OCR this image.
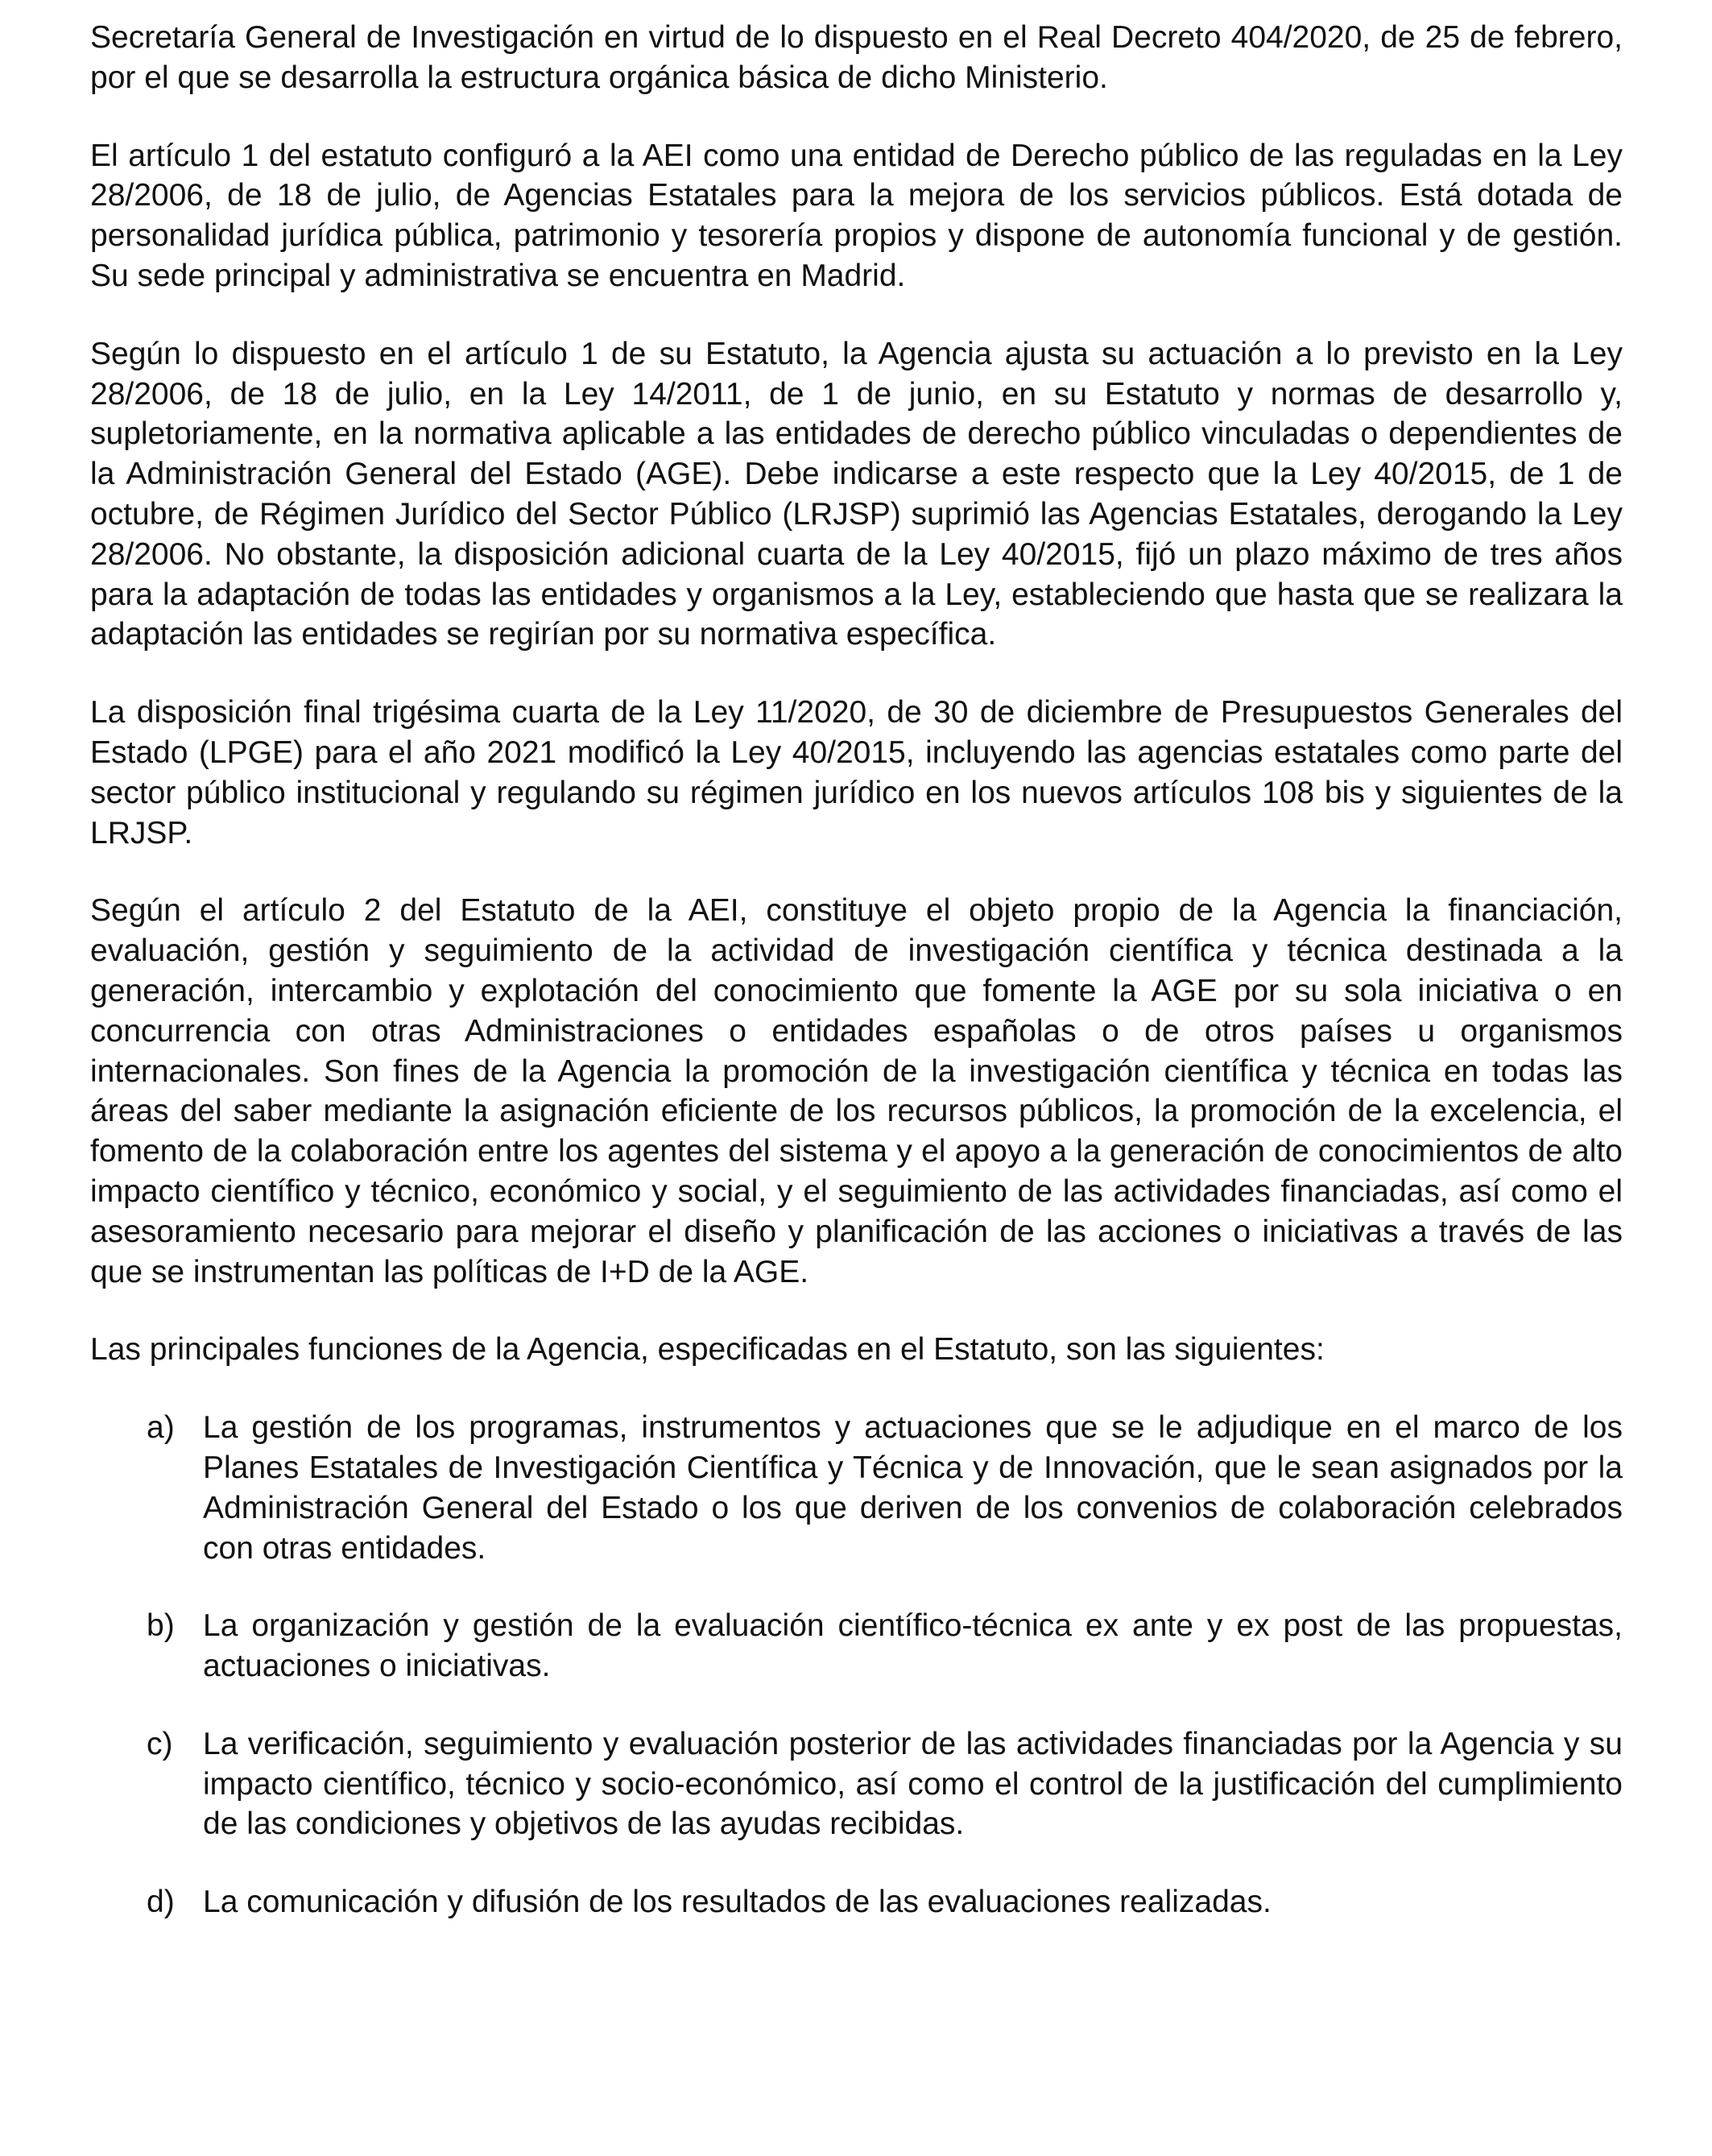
Secretaría General de Investigación en virtud de lo dispuesto en el Real Decreto 404/2020, de 25 de febrero, por el que se desarrolla la estructura orgánica básica de dicho Ministerio.

El artículo 1 del estatuto configuró a la AEI como una entidad de Derecho público de las reguladas en la Ley 28/2006, de 18 de julio, de Agencias Estatales para la mejora de los servicios públicos. Está dotada de personalidad jurídica pública, patrimonio y tesorería propios y dispone de autonomía funcional y de gestión. Su sede principal y administrativa se encuentra en Madrid.

Según lo dispuesto en el artículo 1 de su Estatuto, la Agencia ajusta su actuación a lo previsto en la Ley 28/2006, de 18 de julio, en la Ley 14/2011, de 1 de junio, en su Estatuto y normas de desarrollo y, supletoriamente, en la normativa aplicable a las entidades de derecho público vinculadas o dependientes de la Administración General del Estado (AGE). Debe indicarse a este respecto que la Ley 40/2015, de 1 de octubre, de Régimen Jurídico del Sector Público (LRJSP) suprimió las Agencias Estatales, derogando la Ley 28/2006. No obstante, la disposición adicional cuarta de la Ley 40/2015, fijó un plazo máximo de tres años para la adaptación de todas las entidades y organismos a la Ley, estableciendo que hasta que se realizara la adaptación las entidades se regirían por su normativa específica.

La disposición final trigésima cuarta de la Ley 11/2020, de 30 de diciembre de Presupuestos Generales del Estado (LPGE) para el año 2021 modificó la Ley 40/2015, incluyendo las agencias estatales como parte del sector público institucional y regulando su régimen jurídico en los nuevos artículos 108 bis y siguientes de la LRJSP.

Según el artículo 2 del Estatuto de la AEI, constituye el objeto propio de la Agencia la financiación, evaluación, gestión y seguimiento de la actividad de investigación científica y técnica destinada a la generación, intercambio y explotación del conocimiento que fomente la AGE por su sola iniciativa o en concurrencia con otras Administraciones o entidades españolas o de otros países u organismos internacionales. Son fines de la Agencia la promoción de la investigación científica y técnica en todas las áreas del saber mediante la asignación eficiente de los recursos públicos, la promoción de la excelencia, el fomento de la colaboración entre los agentes del sistema y el apoyo a la generación de conocimientos de alto impacto científico y técnico, económico y social, y el seguimiento de las actividades financiadas, así como el asesoramiento necesario para mejorar el diseño y planificación de las acciones o iniciativas a través de las que se instrumentan las políticas de I+D de la AGE.

Las principales funciones de la Agencia, especificadas en el Estatuto, son las siguientes:

a) La gestión de los programas, instrumentos y actuaciones que se le adjudique en el marco de los Planes Estatales de Investigación Científica y Técnica y de Innovación, que le sean asignados por la Administración General del Estado o los que deriven de los convenios de colaboración celebrados con otras entidades.
b) La organización y gestión de la evaluación científico-técnica ex ante y ex post de las propuestas, actuaciones o iniciativas.
c) La verificación, seguimiento y evaluación posterior de las actividades financiadas por la Agencia y su impacto científico, técnico y socio-económico, así como el control de la justificación del cumplimiento de las condiciones y objetivos de las ayudas recibidas.
d) La comunicación y difusión de los resultados de las evaluaciones realizadas.
